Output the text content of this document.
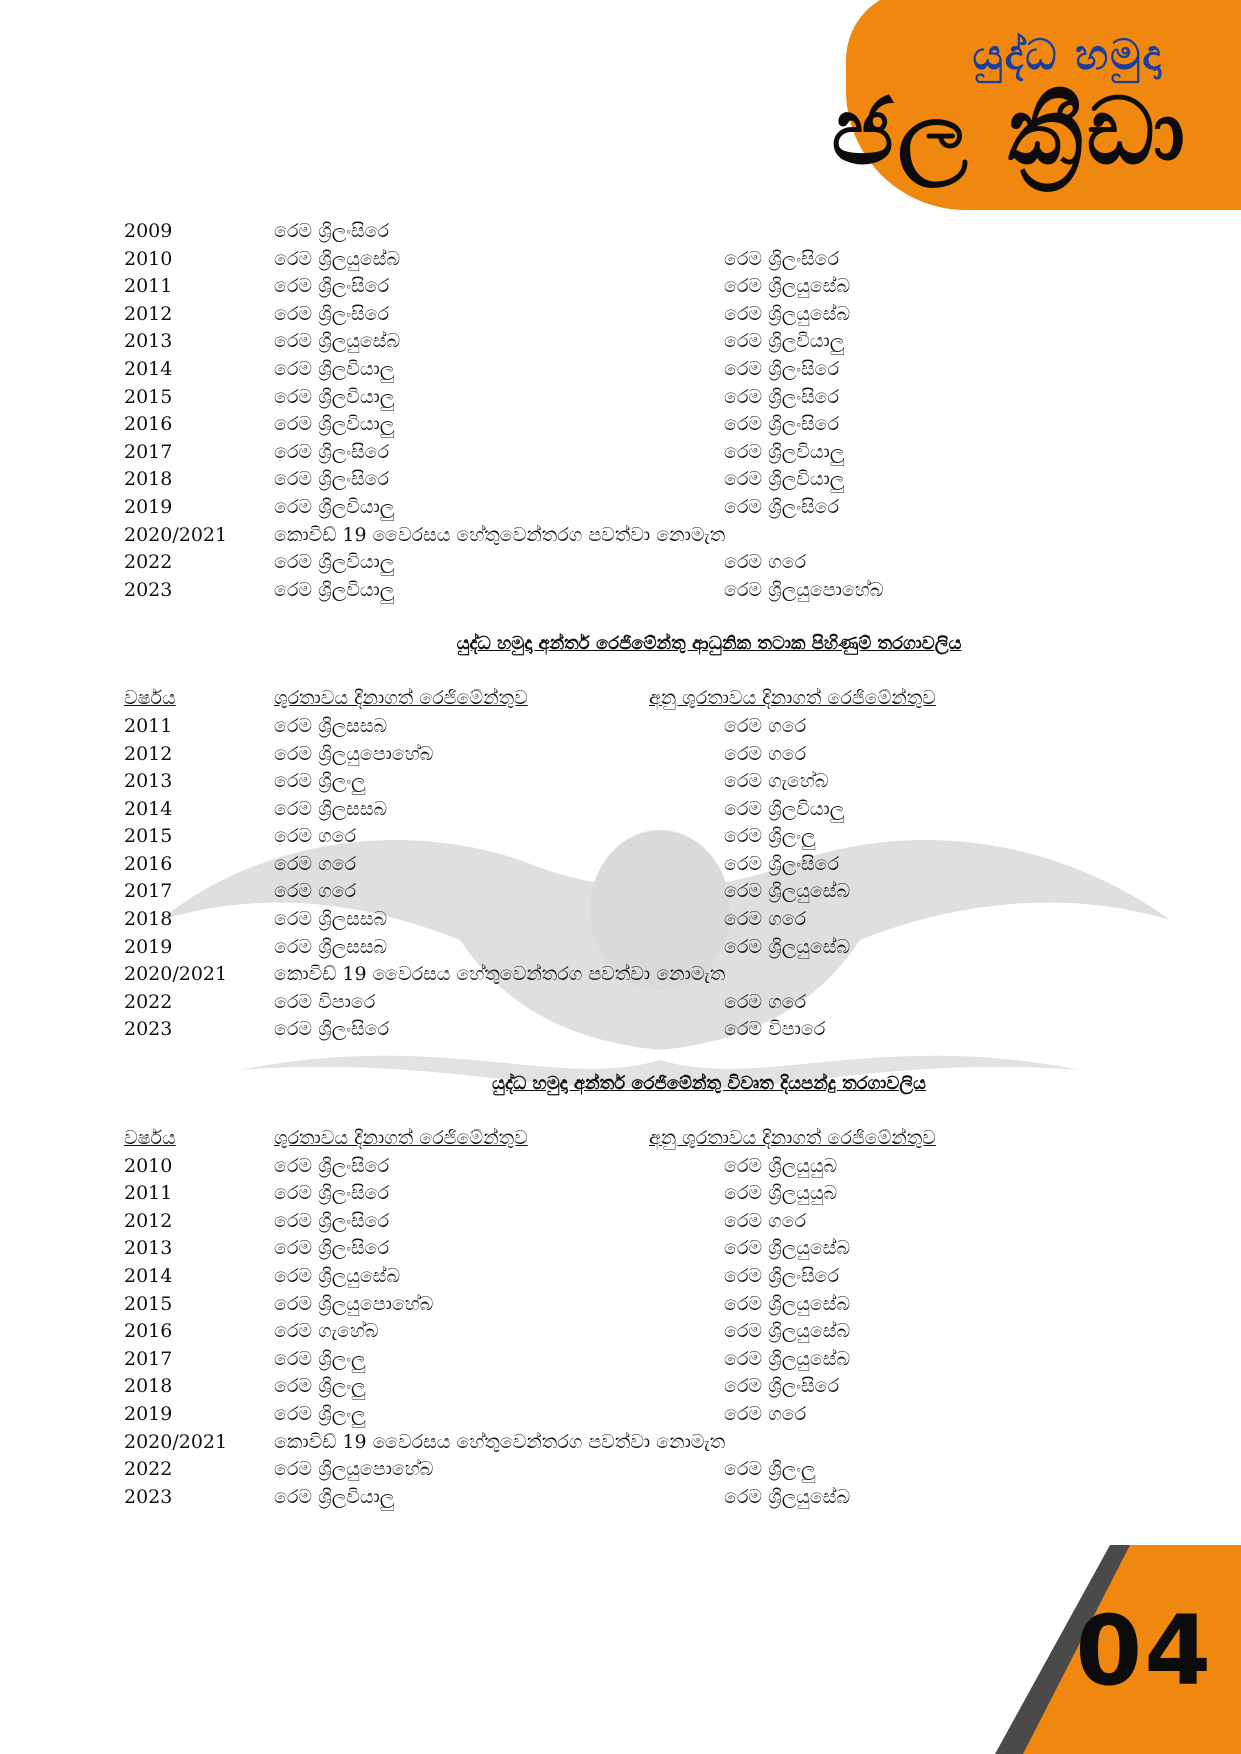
යුද්ධ හමුදා
ජල ක්‍රීඩා
2009	රෙම ශ්‍රිලංසිරෙ
2010	රෙම ශ්‍රිලයුසේබ	රෙම ශ්‍රිලංසිරෙ
2011	රෙම ශ්‍රිලංසිරෙ	රෙම ශ්‍රිලයුසේබ
2012	රෙම ශ්‍රිලංසිරෙ	රෙම ශ්‍රිලයුසේබ
2013	රෙම ශ්‍රිලයුසේබ	රෙම ශ්‍රිලවියාලු
2014	රෙම ශ්‍රිලවියාලු	රෙම ශ්‍රිලංසිරෙ
2015	රෙම ශ්‍රිලවියාලු	රෙම ශ්‍රිලංසිරෙ
2016	රෙම ශ්‍රිලවියාලු	රෙම ශ්‍රිලංසිරෙ
2017	රෙම ශ්‍රිලංසිරෙ	රෙම ශ්‍රිලවියාලු
2018	රෙම ශ්‍රිලංසිරෙ	රෙම ශ්‍රිලවියාලු
2019	රෙම ශ්‍රිලවියාලු	රෙම ශ්‍රිලංසිරෙ
2020/2021	කොවිඩ් 19 වෛරසය හේතුවෙන්තරග පවත්වා නොමැත
2022	රෙම ශ්‍රිලවියාලු	රෙම ගරෙ
2023	රෙම ශ්‍රිලවියාලු	රෙම ශ්‍රිලයුපොහේබ
යුද්ධ හමුදා අන්තර් රෙජිමේන්තු ආධුනික තටාක පිහිණුම් තරගාවලිය
වර්ෂය	ශුරතාවය දිනාගත් රෙජිමේන්තුව	අනු ශුරතාවය දිනාගත් රෙජිමේන්තුව
2011	රෙම ශ්‍රිලසසබ	රෙම ගරෙ
2012	රෙම ශ්‍රිලයුපොහේබ	රෙම ගරෙ
2013	රෙම ශ්‍රිලංලු	රෙම ගැහේබ
2014	රෙම ශ්‍රිලසසබ	රෙම ශ්‍රිලවියාලු
2015	රෙම ගරෙ	රෙම ශ්‍රිලංලු
2016	රෙම ගරෙ	රෙම ශ්‍රිලංසිරෙ
2017	රෙම ගරෙ	රෙම ශ්‍රිලයුසේබ
2018	රෙම ශ්‍රිලසසබ	රෙම ගරෙ
2019	රෙම ශ්‍රිලසසබ	රෙම ශ්‍රිලයුසේබ
2020/2021	කොවිඩ් 19 වෛරසය හේතුවෙන්තරග පවත්වා නොමැත
2022	රෙම විපාරෙ	රෙම ගරෙ
2023	රෙම ශ්‍රිලංසිරෙ	රෙම විපාරෙ
යුද්ධ හමුදා අන්තර් රෙජිමේන්තු විවෘත දියපන්දු තරගාවලිය
වර්ෂය	ශුරතාවය දිනාගත් රෙජිමේන්තුව	අනු ශුරතාවය දිනාගත් රෙජිමේන්තුව
2010	රෙම ශ්‍රිලංසිරෙ	රෙම ශ්‍රිලයුයුබ
2011	රෙම ශ්‍රිලංසිරෙ	රෙම ශ්‍රිලයුයුබ
2012	රෙම ශ්‍රිලංසිරෙ	රෙම ගරෙ
2013	රෙම ශ්‍රිලංසිරෙ	රෙම ශ්‍රිලයුසේබ
2014	රෙම ශ්‍රිලයුසේබ	රෙම ශ්‍රිලංසිරෙ
2015	රෙම ශ්‍රිලයුපොහේබ	රෙම ශ්‍රිලයුසේබ
2016	රෙම ගැහේබ	රෙම ශ්‍රිලයුසේබ
2017	රෙම ශ්‍රිලංලු	රෙම ශ්‍රිලයුසේබ
2018	රෙම ශ්‍රිලංලු	රෙම ශ්‍රිලංසිරෙ
2019	රෙම ශ්‍රිලංලු	රෙම ගරෙ
2020/2021	කොවිඩ් 19 වෛරසය හේතුවෙන්තරග පවත්වා නොමැත
2022	රෙම ශ්‍රිලයුපොහේබ	රෙම ශ්‍රිලංලු
2023	රෙම ශ්‍රිලවියාලු	රෙම ශ්‍රිලයුසේබ
04
